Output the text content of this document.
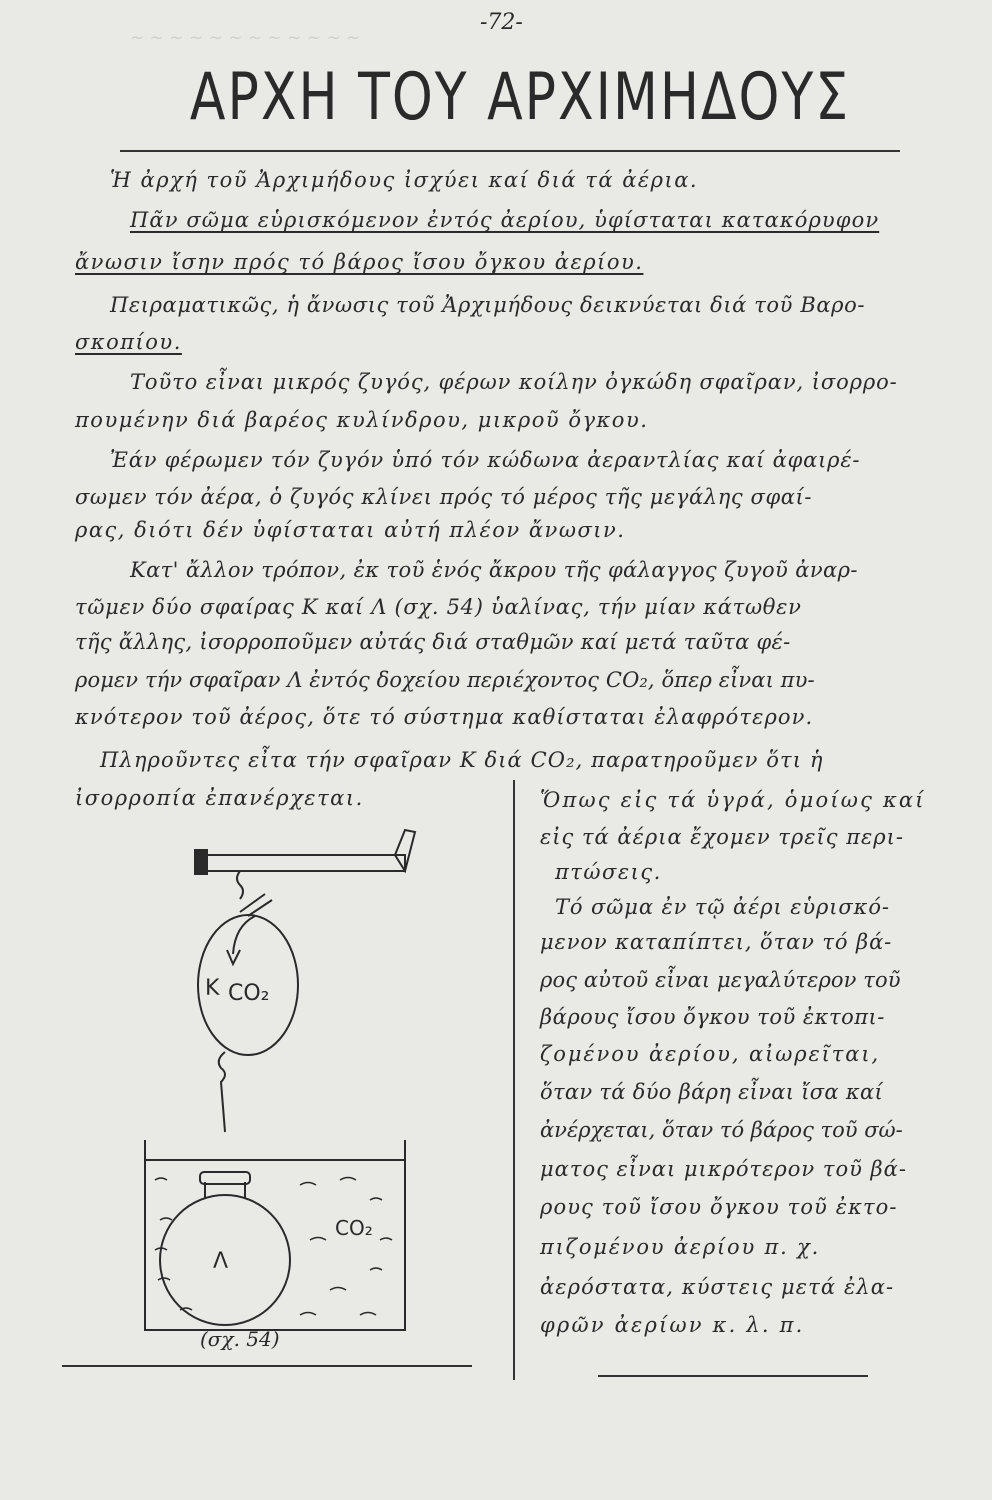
~ ~ ~ ~ ~ ~ ~ ~ ~ ~ ~ ~
-72-
ΑΡΧΗ ΤΟΥ ΑΡΧΙΜΗΔΟΥΣ
Ἡ ἀρχή τοῦ Ἀρχιμήδους ἰσχύει καί διά τά ἀέρια.
Πᾶν σῶμα εὑρισκόμενον ἐντός ἀερίου, ὑφίσταται κατακόρυφον
ἄνωσιν ἴσην πρός τό βάρος ἴσου ὄγκου ἀερίου.
Πειραματικῶς, ἡ ἄνωσις τοῦ Ἀρχιμήδους δεικνύεται διά τοῦ Βαρο-
σκοπίου.
Τοῦτο εἶναι μικρός ζυγός, φέρων κοίλην ὀγκώδη σφαῖραν, ἰσορρο-
πουμένην διά βαρέος κυλίνδρου, μικροῦ ὄγκου.
Ἐάν φέρωμεν τόν ζυγόν ὑπό τόν κώδωνα ἀεραντλίας καί ἀφαιρέ-
σωμεν τόν ἀέρα, ὁ ζυγός κλίνει πρός τό μέρος τῆς μεγάλης σφαί-
ρας, διότι δέν ὑφίσταται αὐτή πλέον ἄνωσιν.
Κατ' ἄλλον τρόπον, ἐκ τοῦ ἑνός ἄκρου τῆς φάλαγγος ζυγοῦ ἀναρ-
τῶμεν δύο σφαίρας Κ καί Λ (σχ. 54) ὑαλίνας, τήν μίαν κάτωθεν
τῆς ἄλλης, ἰσορροποῦμεν αὐτάς διά σταθμῶν καί μετά ταῦτα φέ-
ρομεν τήν σφαῖραν Λ ἐντός δοχείου περιέχοντος CO₂, ὅπερ εἶναι πυ-
κνότερον τοῦ ἀέρος, ὅτε τό σύστημα καθίσταται ἐλαφρότερον.
Πληροῦντες εἶτα τήν σφαῖραν Κ διά CO₂, παρατηροῦμεν ὅτι ἡ
ἰσορροπία ἐπανέρχεται.	Ὅπως εἰς τά ὑγρά, ὁμοίως καί
εἰς τά ἀέρια ἔχομεν τρεῖς περι-
πτώσεις.
Τό σῶμα ἐν τῷ ἀέρι εὑρισκό-
μενον καταπίπτει, ὅταν τό βά-
ρος αὐτοῦ εἶναι μεγαλύτερον τοῦ
βάρους ἴσου ὄγκου τοῦ ἐκτοπι-
ζομένου ἀερίου, αἰωρεῖται,
ὅταν τά δύο βάρη εἶναι ἴσα καί
ἀνέρχεται, ὅταν τό βάρος τοῦ σώ-
ματος εἶναι μικρότερον τοῦ βά-
ρους τοῦ ἴσου ὄγκου τοῦ ἐκτο-
πιζομένου ἀερίου π. χ.
ἀερόστατα, κύστεις μετά ἐλα-
φρῶν ἀερίων κ. λ. π.
Κ CO₂
Λ
CO₂
(σχ. 54)
